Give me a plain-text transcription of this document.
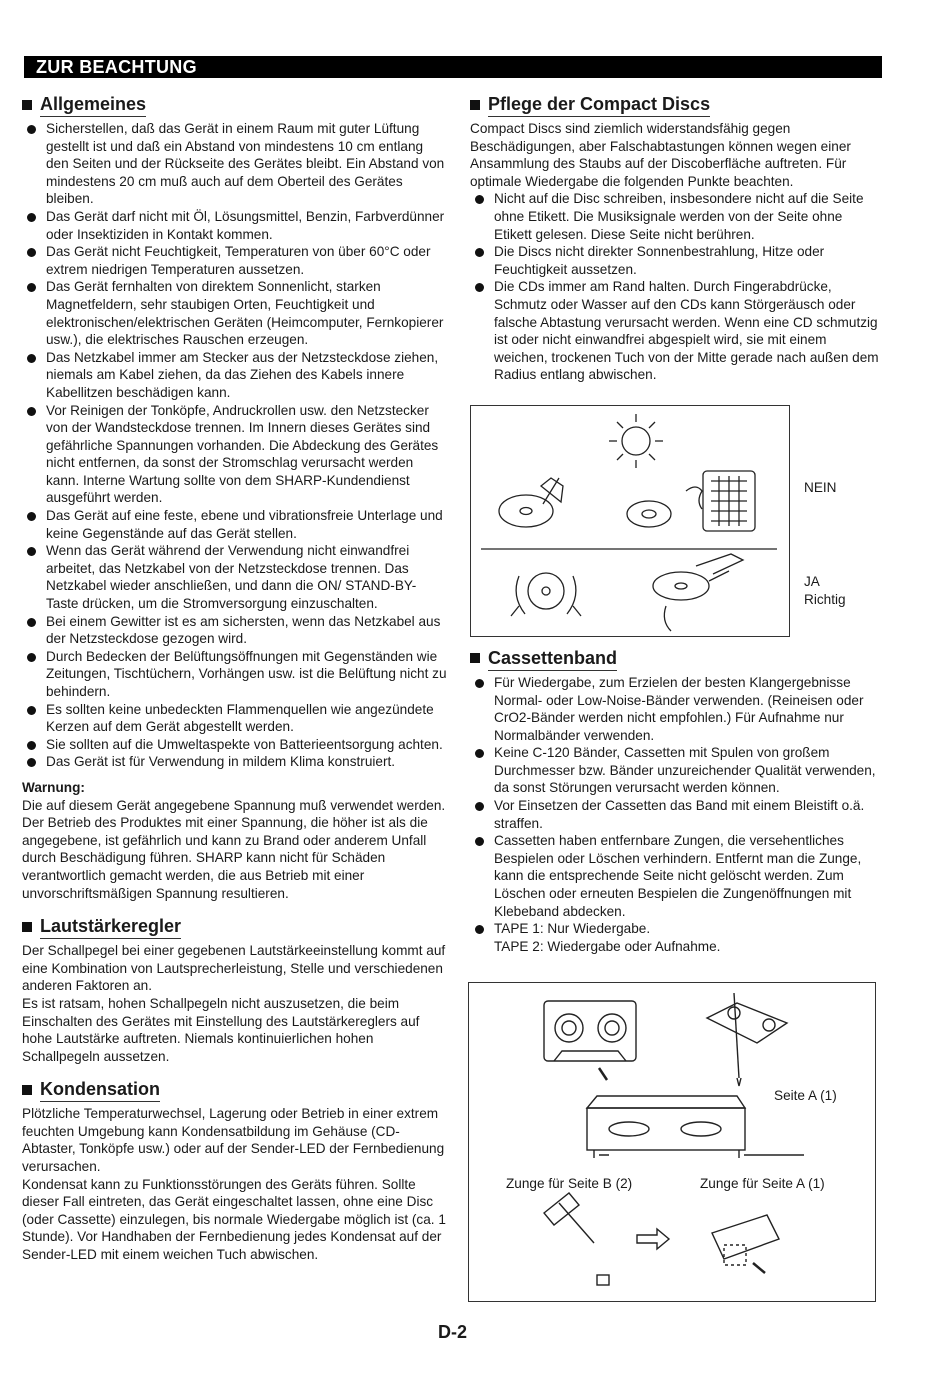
ZUR BEACHTUNG
Allgemeines
Sicherstellen, daß das Gerät in einem Raum mit guter Lüftung gestellt ist und daß ein Abstand von mindestens 10 cm entlang den Seiten und der Rückseite des Gerätes bleibt. Ein Abstand von mindestens 20 cm muß auch auf dem Oberteil des Gerätes bleiben.
Das Gerät darf nicht mit Öl, Lösungsmittel, Benzin, Farbverdünner oder Insektiziden in Kontakt kommen.
Das Gerät nicht Feuchtigkeit, Temperaturen von über 60°C oder extrem niedrigen Temperaturen aussetzen.
Das Gerät fernhalten von direktem Sonnenlicht, starken Magnetfeldern, sehr staubigen Orten, Feuchtigkeit und elektronischen/elektrischen Geräten (Heimcomputer, Fernkopierer usw.), die elektrisches Rauschen erzeugen.
Das Netzkabel immer am Stecker aus der Netzsteckdose ziehen, niemals am Kabel ziehen, da das Ziehen des Kabels innere Kabellitzen beschädigen kann.
Vor Reinigen der Tonköpfe, Andruckrollen usw. den Netzstecker von der Wandsteckdose trennen. Im Innern dieses Gerätes sind gefährliche Spannungen vorhanden. Die Abdeckung des Gerätes nicht entfernen, da sonst der Stromschlag verursacht werden kann. Interne Wartung sollte von dem SHARP-Kundendienst ausgeführt werden.
Das Gerät auf eine feste, ebene und vibrationsfreie Unterlage und keine Gegenstände auf das Gerät stellen.
Wenn das Gerät während der Verwendung nicht einwandfrei arbeitet, das Netzkabel von der Netzsteckdose trennen. Das Netzkabel wieder anschließen, und dann die ON/ STAND-BY-Taste drücken, um die Stromversorgung einzuschalten.
Bei einem Gewitter ist es am sichersten, wenn das Netzkabel aus der Netzsteckdose gezogen wird.
Durch Bedecken der Belüftungsöffnungen mit Gegenständen wie Zeitungen, Tischtüchern, Vorhängen usw. ist die Belüftung nicht zu behindern.
Es sollten keine unbedeckten Flammenquellen wie angezündete Kerzen auf dem Gerät abgestellt werden.
Sie sollten auf die Umweltaspekte von Batterieentsorgung achten.
Das Gerät ist für Verwendung in mildem Klima konstruiert.

Warnung:

Die auf diesem Gerät angegebene Spannung muß verwendet werden. Der Betrieb des Produktes mit einer Spannung, die höher ist als die angegebene, ist gefährlich und kann zu Brand oder anderem Unfall durch Beschädigung führen. SHARP kann nicht für Schäden verantwortlich gemacht werden, die aus Betrieb mit einer unvorschriftsmäßigen Spannung resultieren.

Lautstärkeregler

Der Schallpegel bei einer gegebenen Lautstärkeeinstellung kommt auf eine Kombination von Lautsprecherleistung, Stelle und verschiedenen anderen Faktoren an.

Es ist ratsam, hohen Schallpegeln nicht auszusetzen, die beim Einschalten des Gerätes mit Einstellung des Lautstärkereglers auf hohe Lautstärke auftreten. Niemals kontinuierlichen hohen Schallpegeln aussetzen.

Kondensation

Plötzliche Temperaturwechsel, Lagerung oder Betrieb in einer extrem feuchten Umgebung kann Kondensatbildung im Gehäuse (CD-Abtaster, Tonköpfe usw.) oder auf der Sender-LED der Fernbedienung verursachen.

Kondensat kann zu Funktionsstörungen des Geräts führen. Sollte dieser Fall eintreten, das Gerät eingeschaltet lassen, ohne eine Disc (oder Cassette) einzulegen, bis normale Wiedergabe möglich ist (ca. 1 Stunde). Vor Handhaben der Fernbedienung jedes Kondensat auf der Sender-LED mit einem weichen Tuch abwischen.

Pflege der Compact Discs

Compact Discs sind ziemlich widerstandsfähig gegen Beschädigungen, aber Falschabtastungen können wegen einer Ansammlung des Staubs auf der Discoberfläche auftreten. Für optimale Wiedergabe die folgenden Punkte beachten.

Nicht auf die Disc schreiben, insbesondere nicht auf die Seite ohne Etikett. Die Musiksignale werden von der Seite ohne Etikett gelesen. Diese Seite nicht berühren.
Die Discs nicht direkter Sonnenbestrahlung, Hitze oder Feuchtigkeit aussetzen.
Die CDs immer am Rand halten. Durch Fingerabdrücke, Schmutz oder Wasser auf den CDs kann Störgeräusch oder falsche Abtastung verursacht werden. Wenn eine CD schmutzig ist oder nicht einwandfrei abgespielt wird, sie mit einem weichen, trockenen Tuch von der Mitte gerade nach außen dem Radius entlang abwischen.
Cassettenband
Für Wiedergabe, zum Erzielen der besten Klangergebnisse Normal- oder Low-Noise-Bänder verwenden. (Reineisen oder CrO2-Bänder werden nicht empfohlen.) Für Aufnahme nur Normalbänder verwenden.
Keine C-120 Bänder, Cassetten mit Spulen von großem Durchmesser bzw. Bänder unzureichender Qualität verwenden, da sonst Störungen verursacht werden können.
Vor Einsetzen der Cassetten das Band mit einem Bleistift o.ä. straffen.
Cassetten haben entfernbare Zungen, die versehentliches Bespielen oder Löschen verhindern. Entfernt man die Zunge, kann die entsprechende Seite nicht gelöscht werden. Zum Löschen oder erneuten Bespielen die Zungenöffnungen mit Klebeband abdecken.
TAPE 1: Nur Wiedergabe.

TAPE 2: Wiedergabe oder Aufnahme.

NEIN
JA
Richtig
Seite A (1)
Zunge für Seite B (2)	Zunge für Seite A (1)
D-2
